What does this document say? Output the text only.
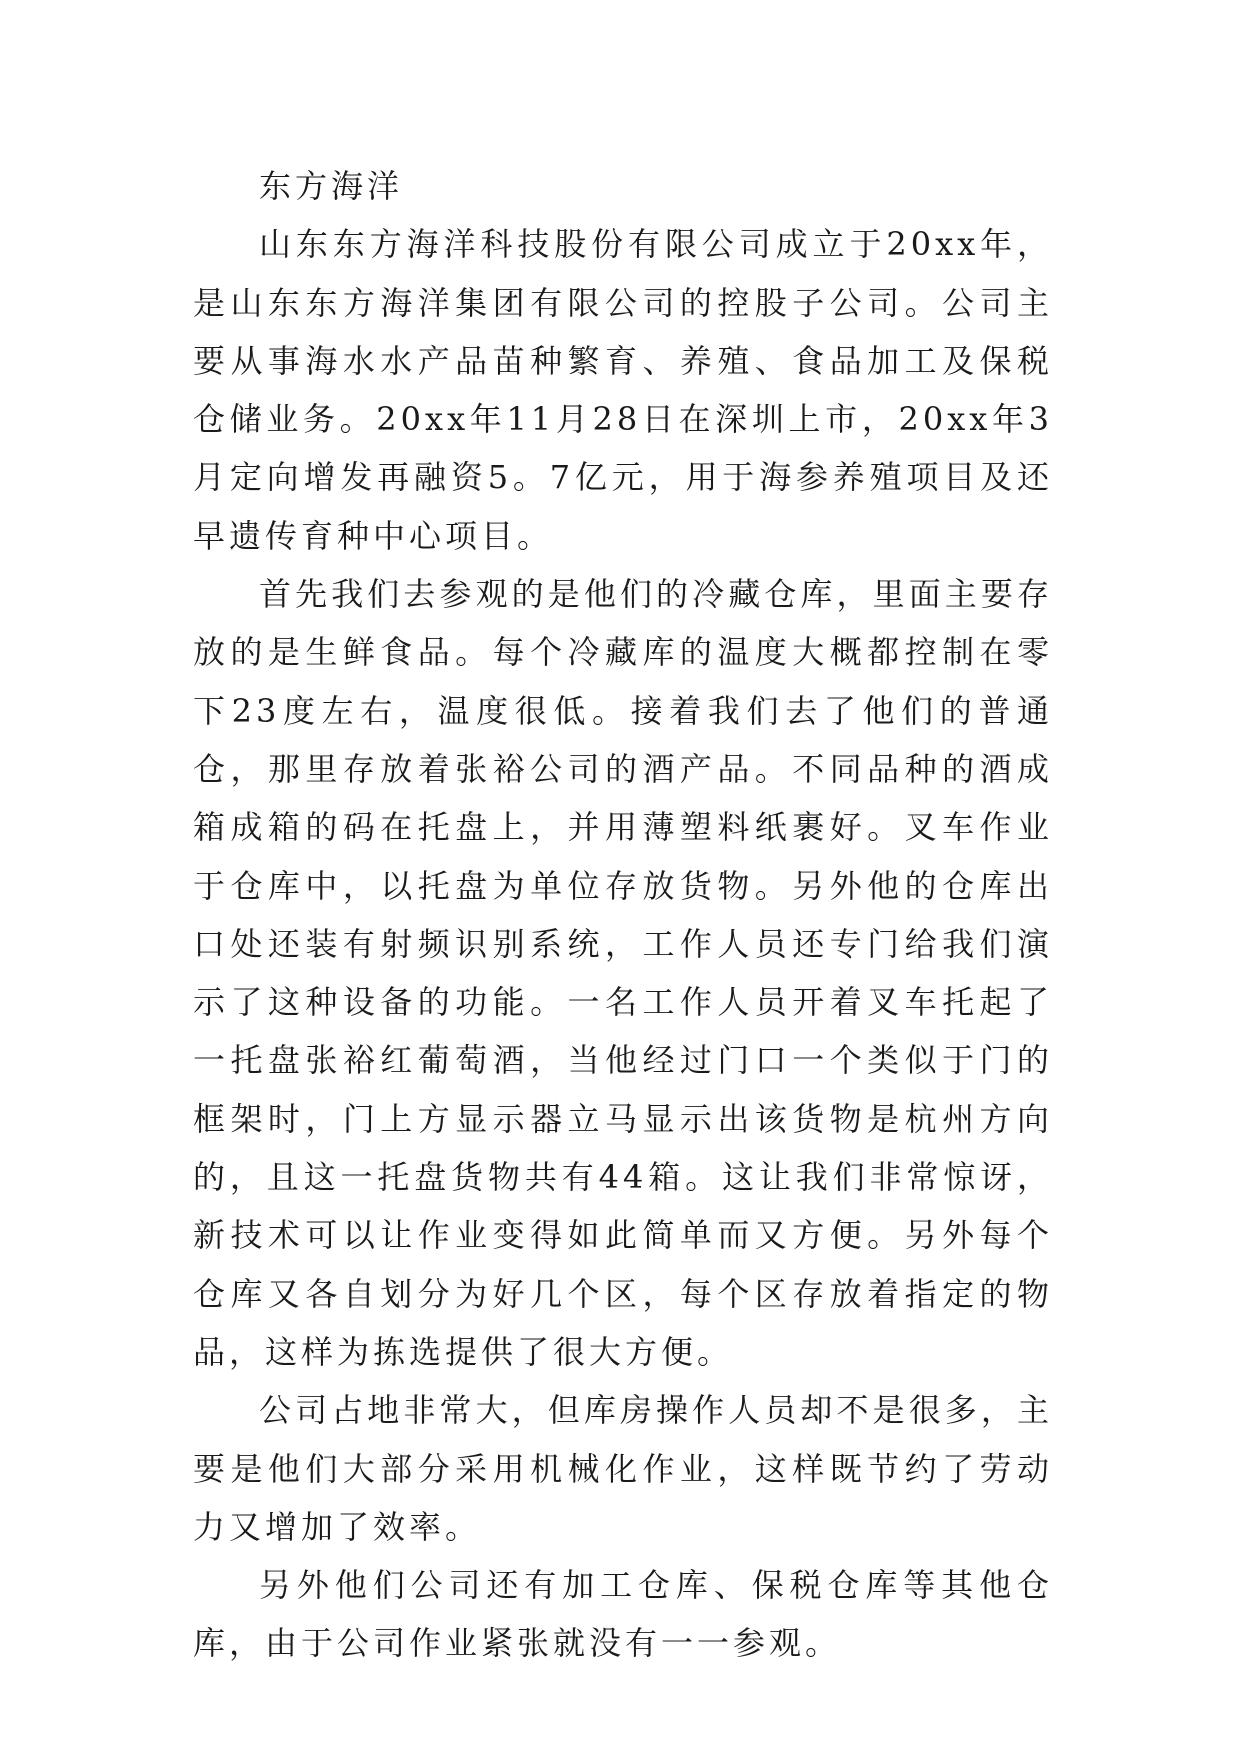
东方海洋

山东东方海洋科技股份有限公司成立于20xx年，是山东东方海洋集团有限公司的控股子公司。公司主要从事海水水产品苗种繁育、养殖、食品加工及保税仓储业务。20xx年11月28日在深圳上市，20xx年3月定向增发再融资5。7亿元，用于海参养殖项目及还早遗传育种中心项目。

首先我们去参观的是他们的冷藏仓库，里面主要存放的是生鲜食品。每个冷藏库的温度大概都控制在零下23度左右，温度很低。接着我们去了他们的普通仓，那里存放着张裕公司的酒产品。不同品种的酒成箱成箱的码在托盘上，并用薄塑料纸裹好。叉车作业于仓库中，以托盘为单位存放货物。另外他的仓库出口处还装有射频识别系统，工作人员还专门给我们演示了这种设备的功能。一名工作人员开着叉车托起了一托盘张裕红葡萄酒，当他经过门口一个类似于门的框架时，门上方显示器立马显示出该货物是杭州方向的，且这一托盘货物共有44箱。这让我们非常惊讶，新技术可以让作业变得如此简单而又方便。另外每个仓库又各自划分为好几个区，每个区存放着指定的物品，这样为拣选提供了很大方便。

公司占地非常大，但库房操作人员却不是很多，主要是他们大部分采用机械化作业，这样既节约了劳动力又增加了效率。

另外他们公司还有加工仓库、保税仓库等其他仓库，由于公司作业紧张就没有一一参观。
